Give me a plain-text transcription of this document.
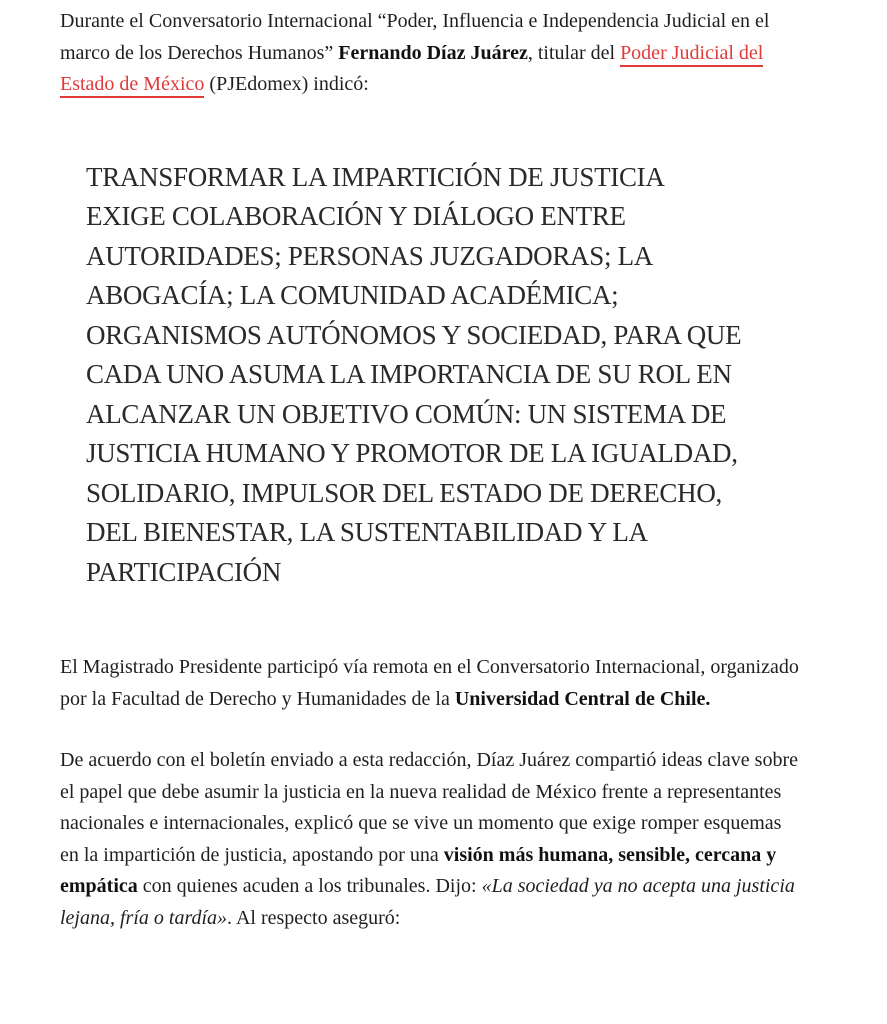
Durante el Conversatorio Internacional “Poder, Influencia e Independencia Judicial en el marco de los Derechos Humanos” Fernando Díaz Juárez, titular del Poder Judicial del Estado de México (PJEdomex) indicó:

TRANSFORMAR LA IMPARTICIÓN DE JUSTICIA EXIGE COLABORACIÓN Y DIÁLOGO ENTRE AUTORIDADES; PERSONAS JUZGADORAS; LA ABOGACÍA; LA COMUNIDAD ACADÉMICA; ORGANISMOS AUTÓNOMOS Y SOCIEDAD, PARA QUE CADA UNO ASUMA LA IMPORTANCIA DE SU ROL EN ALCANZAR UN OBJETIVO COMÚN: UN SISTEMA DE JUSTICIA HUMANO Y PROMOTOR DE LA IGUALDAD, SOLIDARIO, IMPULSOR DEL ESTADO DE DERECHO, DEL BIENESTAR, LA SUSTENTABILIDAD Y LA PARTICIPACIÓN

El Magistrado Presidente participó vía remota en el Conversatorio Internacional, organizado por la Facultad de Derecho y Humanidades de la Universidad Central de Chile.

De acuerdo con el boletín enviado a esta redacción, Díaz Juárez compartió ideas clave sobre el papel que debe asumir la justicia en la nueva realidad de México frente a representantes nacionales e internacionales, explicó que se vive un momento que exige romper esquemas en la impartición de justicia, apostando por una visión más humana, sensible, cercana y empática con quienes acuden a los tribunales. Dijo: «La sociedad ya no acepta una justicia lejana, fría o tardía». Al respecto aseguró:
